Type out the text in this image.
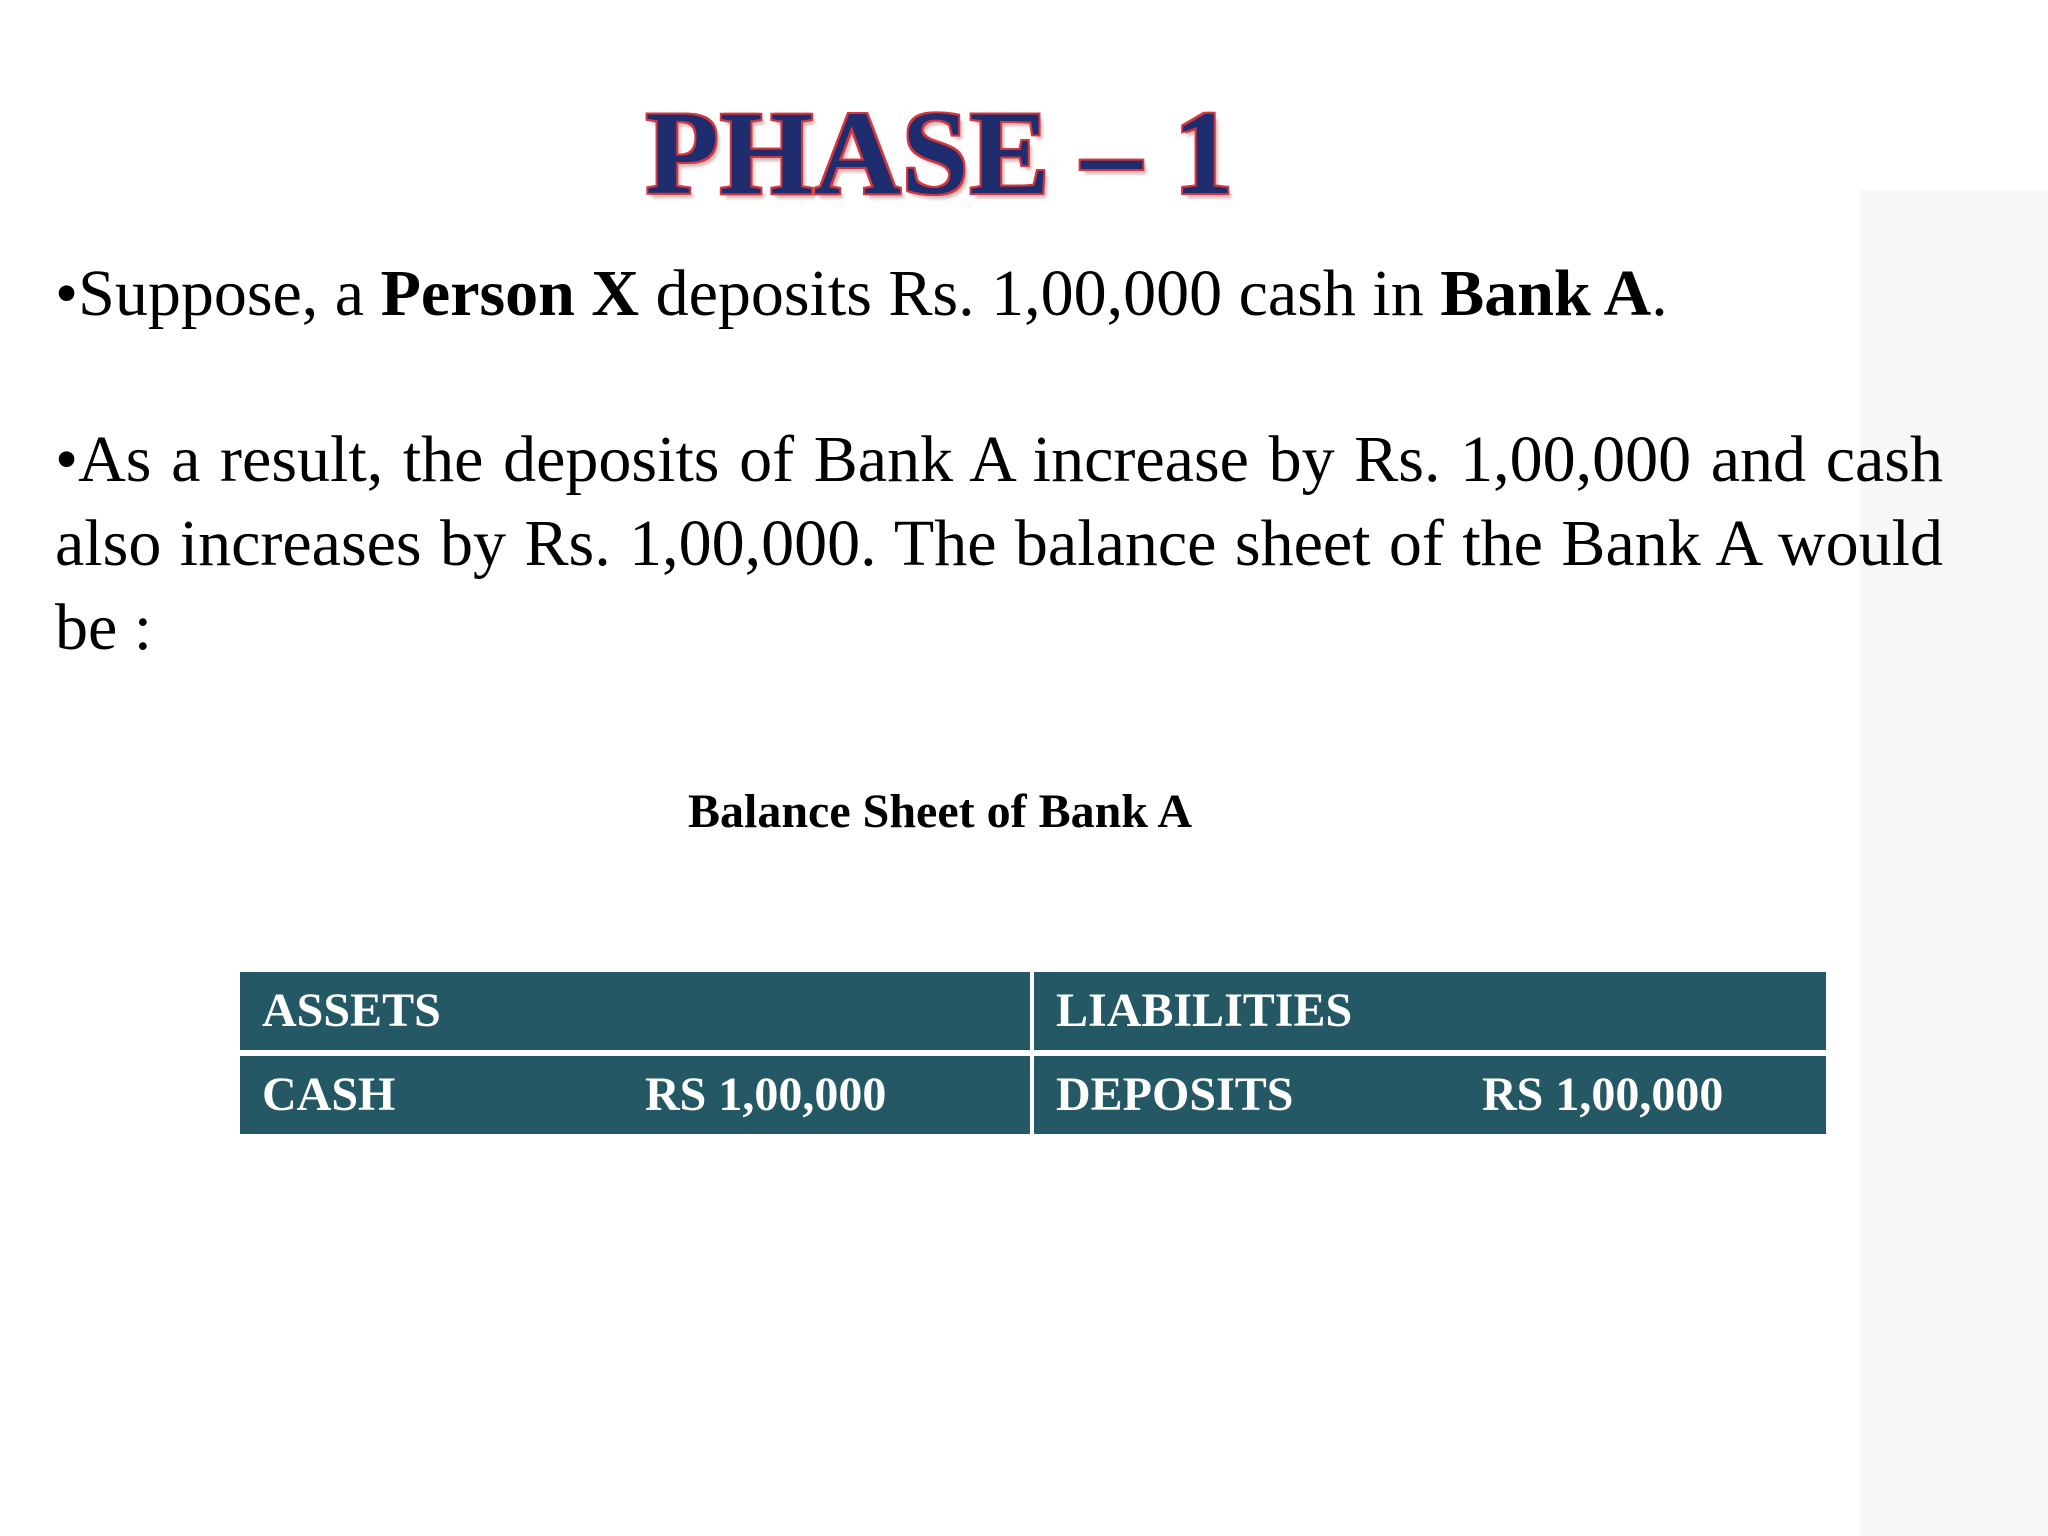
PHASE – 1
•Suppose, a Person X deposits Rs. 1,00,000 cash in Bank A.
•As a result, the deposits of Bank A increase by Rs. 1,00,000 and cash also increases by Rs. 1,00,000. The balance sheet of the Bank A would be :
Balance Sheet of Bank A
ASSETS	LIABILITIES
CASH	RS 1,00,000	DEPOSITS	RS 1,00,000
